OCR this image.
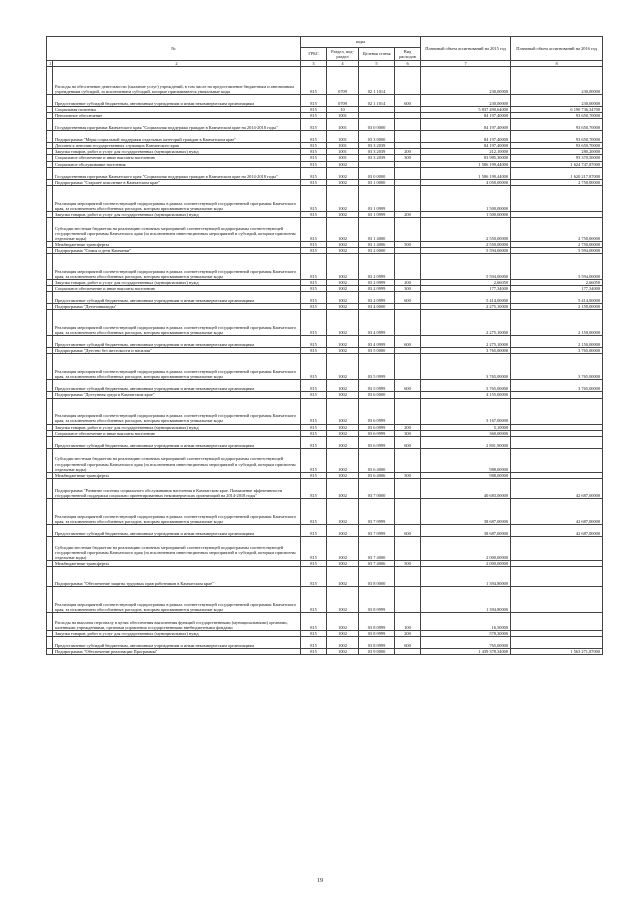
№		коды				Плановый объем ассигнований на 2015 год	Плановый объем ассигнований на 2016 год
		ГРБС	Раздел, под-раздел	Целевая статья	Вид расходов		
1	2	3	4	5	6	7	8
	Расходы на обеспечение деятельности (оказание услуг) учреждений, в том числе на предоставление бюджетным и автономным учреждениям субсидий, за исключением субсидий, которые присваиваются уникальные коды	815	0709	02 1 1014		230,00000	230,00000
	Предоставление субсидий бюджетным, автономным учреждениям и иным некоммерческим организациям	815	0709	02 1 1014	600	230,00000	230,00000
	Социальная политика	815	10			5 837 490,64000	6 190 736,34700
	Пенсионное обеспечение	815	1001			84 197,40000	93 650,70000
	Государственная программа Камчатского края "Социальная поддержка граждан в Камчатском крае на 2014-2018 годы"	815	1001	03 0 0000		84 197,40000	93 650,70000
	Подпрограмма "Меры социальной поддержки отдельных категорий граждан в Камчатском крае"	815	1001	03 3 0000		84 197,40000	93 650,70000
	Доплаты к пенсиям государственных служащих Камчатского края	815	1001	03 3 2039		84 197,40000	93 650,70000
	Закупка товаров, работ и услуг для государственных (муниципальных) нужд	815	1001	03 3 2039	200	212,10000	280,20000
	Социальное обеспечение и иные выплаты населению	815	1001	03 3 2039	300	83 985,30000	93 370,50000
	Социальное обслуживание населения	815	1002			1 586 199,44000	1 624 747,87000
	Государственная программа Камчатского края "Социальная поддержка граждан в Камчатском крае на 2014-2018 годы"	815	1002	03 0 0000		1 586 199,44000	1 620 217,87000
	Подпрограмма "Старшее поколение в Камчатском крае"	815	1002	03 1 0000		4 050,00000	2 750,00000
	Реализация мероприятий соответствующей подпрограммы в рамках соответствующей государственной программы Камчатского края, за исключением обособленных расходов, которым присваиваются уникальные коды	815	1002	03 1 0999		1 500,00000	
	Закупка товаров, работ и услуг для государственных (муниципальных) нужд	815	1002	03 1 0999	200	1 500,00000	
	Субсидии местным бюджетам на реализацию основных мероприятий соответствующей подпрограммы соответствующей государственной программы Камчатского края (за исключением инвестиционных мероприятий и субсидий, которым присвоены отдельные коды)	815	1002	03 1 4000		2 550,00000	2 750,00000
	Межбюджетные трансферты	815	1002	03 1 4006	500	2 550,00000	2 750,00000
	Подпрограмма "Семья и дети Камчатки"	815	1002	03 2 0000		5 594,00000	5 594,00000
	Реализация мероприятий соответствующей подпрограммы в рамках соответствующей государственной программы Камчатского края, за исключением обособленных расходов, которым присваиваются уникальные коды	815	1002	03 2 0999		5 594,00000	5 594,00000
	Закупка товаров, работ и услуг для государственных (муниципальных) нужд	815	1002	03 2 0999	200	2,66050	2,66050
	Социальное обеспечение и иные выплаты населению	815	1002	03 2 0999	300	177,34000	177,34000
	Предоставление субсидий бюджетным, автономным учреждениям и иным некоммерческим организациям	815	1002	03 2 0999	600	5 414,00000	5 414,00000
	Подпрограмма "Дети-инвалиды"	815	1002	03 4 0000		2 275,10000	2 150,00000
	Реализация мероприятий соответствующей подпрограммы в рамках соответствующей государственной программы Камчатского края, за исключением обособленных расходов, которым присваиваются уникальные коды	815	1002	03 4 0999		2 275,10000	2 150,00000
	Предоставление субсидий бюджетным, автономным учреждениям и иным некоммерческим организациям	815	1002	03 4 0999	600	2 275,10000	2 150,00000
	Подпрограмма "Детство без жестокости и насилия"	815	1002	03 5 0000		3 765,00000	3 765,00000
	Реализация мероприятий соответствующей подпрограммы в рамках соответствующей государственной программы Камчатского края, за исключением обособленных расходов, которым присваиваются уникальные коды	815	1002	03 5 0999		3 765,00000	3 765,00000
	Предоставление субсидий бюджетным, автономным учреждениям и иным некоммерческим организациям	815	1002	03 5 0999	600	3 765,00000	3 765,00000
	Подпрограмма "Доступная среда в Камчатском крае"	815	1002	03 6 0000		4 155,00000	
	Реализация мероприятий соответствующей подпрограммы в рамках соответствующей государственной программы Камчатского края, за исключением обособленных расходов, которым присваиваются уникальные коды	815	1002	03 6 0999		3 167,00000	
	Закупка товаров, работ и услуг для государственных (муниципальных) нужд	815	1002	03 6 0999	200	5,10000	
	Социальное обеспечение и иные выплаты населению	815	1002	03 6 0999	300	360,00000	
	Предоставление субсидий бюджетным, автономным учреждениям и иным некоммерческим организациям	815	1002	03 6 0999	600	2 801,90000	
	Субсидии местным бюджетам на реализацию основных мероприятий соответствующей подпрограммы соответствующей государственной программы Камчатского края (за исключением инвестиционных мероприятий и субсидий, которым присвоены отдельные коды)	815	1002	03 6 4000		988,00000	
	Межбюджетные трансферты	815	1002	03 6 4006	500	988,00000	
	Подпрограмма "Развитие системы социального обслуживания населения в Камчатском крае. Повышение эффективности государственной поддержки социально ориентированных некоммерческих организаций на 2014-2018 годы"	815	1002	03 7 0000		40 683,00000	42 687,00000
	Реализация мероприятий соответствующей подпрограммы в рамках соответствующей государственной программы Камчатского края, за исключением обособленных расходов, которым присваиваются уникальные коды	815	1002	03 7 0999		38 687,00000	42 687,00000
	Предоставление субсидий бюджетным, автономным учреждениям и иным некоммерческим организациям	815	1002	03 7 0999	600	38 687,00000	42 687,00000
	Субсидии местным бюджетам на реализацию основных мероприятий соответствующей подпрограммы соответствующей государственной программы Камчатского края (за исключением инвестиционных мероприятий и субсидий, которым присвоены отдельные коды)	815	1002	03 7 4000		2 000,00000	
	Межбюджетные трансферты	815	1002	03 7 4006	500	2 000,00000	
	Подпрограмма "Обеспечение защиты трудовых прав работников в Камчатском крае"	815	1002	03 8 0000		1 394,80000	
	Реализация мероприятий соответствующей подпрограммы в рамках соответствующей государственной программы Камчатского края, за исключением обособленных расходов, которым присваиваются уникальные коды	815	1002	03 8 0999		1 394,80000	
	Расходы на выплаты персоналу в целях обеспечения выполнения функций государственными (муниципальными) органами, казенными учреждениями, органами управления государственными внебюджетными фондами	815	1002	03 8 0999	100	16,50000	
	Закупка товаров, работ и услуг для государственных (муниципальных) нужд	815	1002	03 8 0999	200	578,30000	
	Предоставление субсидий бюджетным, автономным учреждениям и иным некоммерческим организациям	815	1002	03 8 0999	600	765,00000	
	Подпрограмма "Обеспечение реализации Программы"	815	1002	03 9 0000		1 439 378,34000	1 563 271,87000
19
